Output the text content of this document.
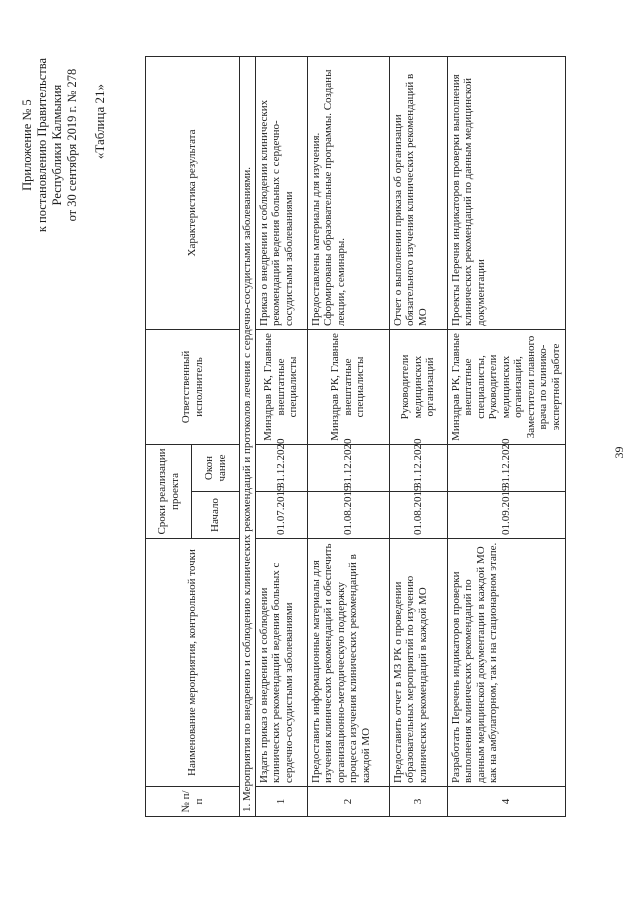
Приложение № 5 к постановлению Правительства Республики Калмыкия от 30 сентября 2019 г. № 278 «Таблица 21»
№ п/п	Наименование мероприятия, контрольной точки	Сроки реализации проекта		Ответственный исполнитель	Характеристика результата
		Начало	Окон чание		
1. Мероприятия по внедрению и соблюдению клинических рекомендаций и протоколов лечения с сердечно-сосудистыми заболеваниями.					
1	Издать приказ о внедрении и соблюдении клинических рекомендаций ведения больных с сердечно-сосудистыми заболеваниями	01.07.2019	31.12.2020	Минздрав РК, Главные внештатные специалисты	Приказ о внедрении и соблюдении клинических рекомендаций ведения больных с сердечно-сосудистыми заболеваниями
2	Предоставить информационные материалы для изучения клинических рекомендаций и обеспечить организационно-методическую поддержку процесса изучения клинических рекомендаций в каждой МО	01.08.2019	31.12.2020	Минздрав РК, Главные внештатные специалисты	Предоставлены материалы для изучения. Сформированы образовательные программы. Созданы лекции, семинары.
3	Предоставить отчет в МЗ РК о проведении образовательных мероприятий по изучению клинических рекомендаций в каждой МО	01.08.2019	31.12.2020	Руководители медицинских организаций	Отчет о выполнении приказа об организации обязательного изучения клинических рекомендаций в МО
4	Разработать Перечень индикаторов проверки выполнения клинических рекомендаций по данным медицинской документации в каждой МО как на амбулаторном, так и на стационарном этапе.	01.09.2019	31.12.2020	Минздрав РК, Главные внештатные специалисты, Руководители медицинских организаций, Заместители главного врача по клинико-экспертной работе	Проекты Перечня индикаторов проверки выполнения клинических рекомендаций по данным медицинской документации
39
